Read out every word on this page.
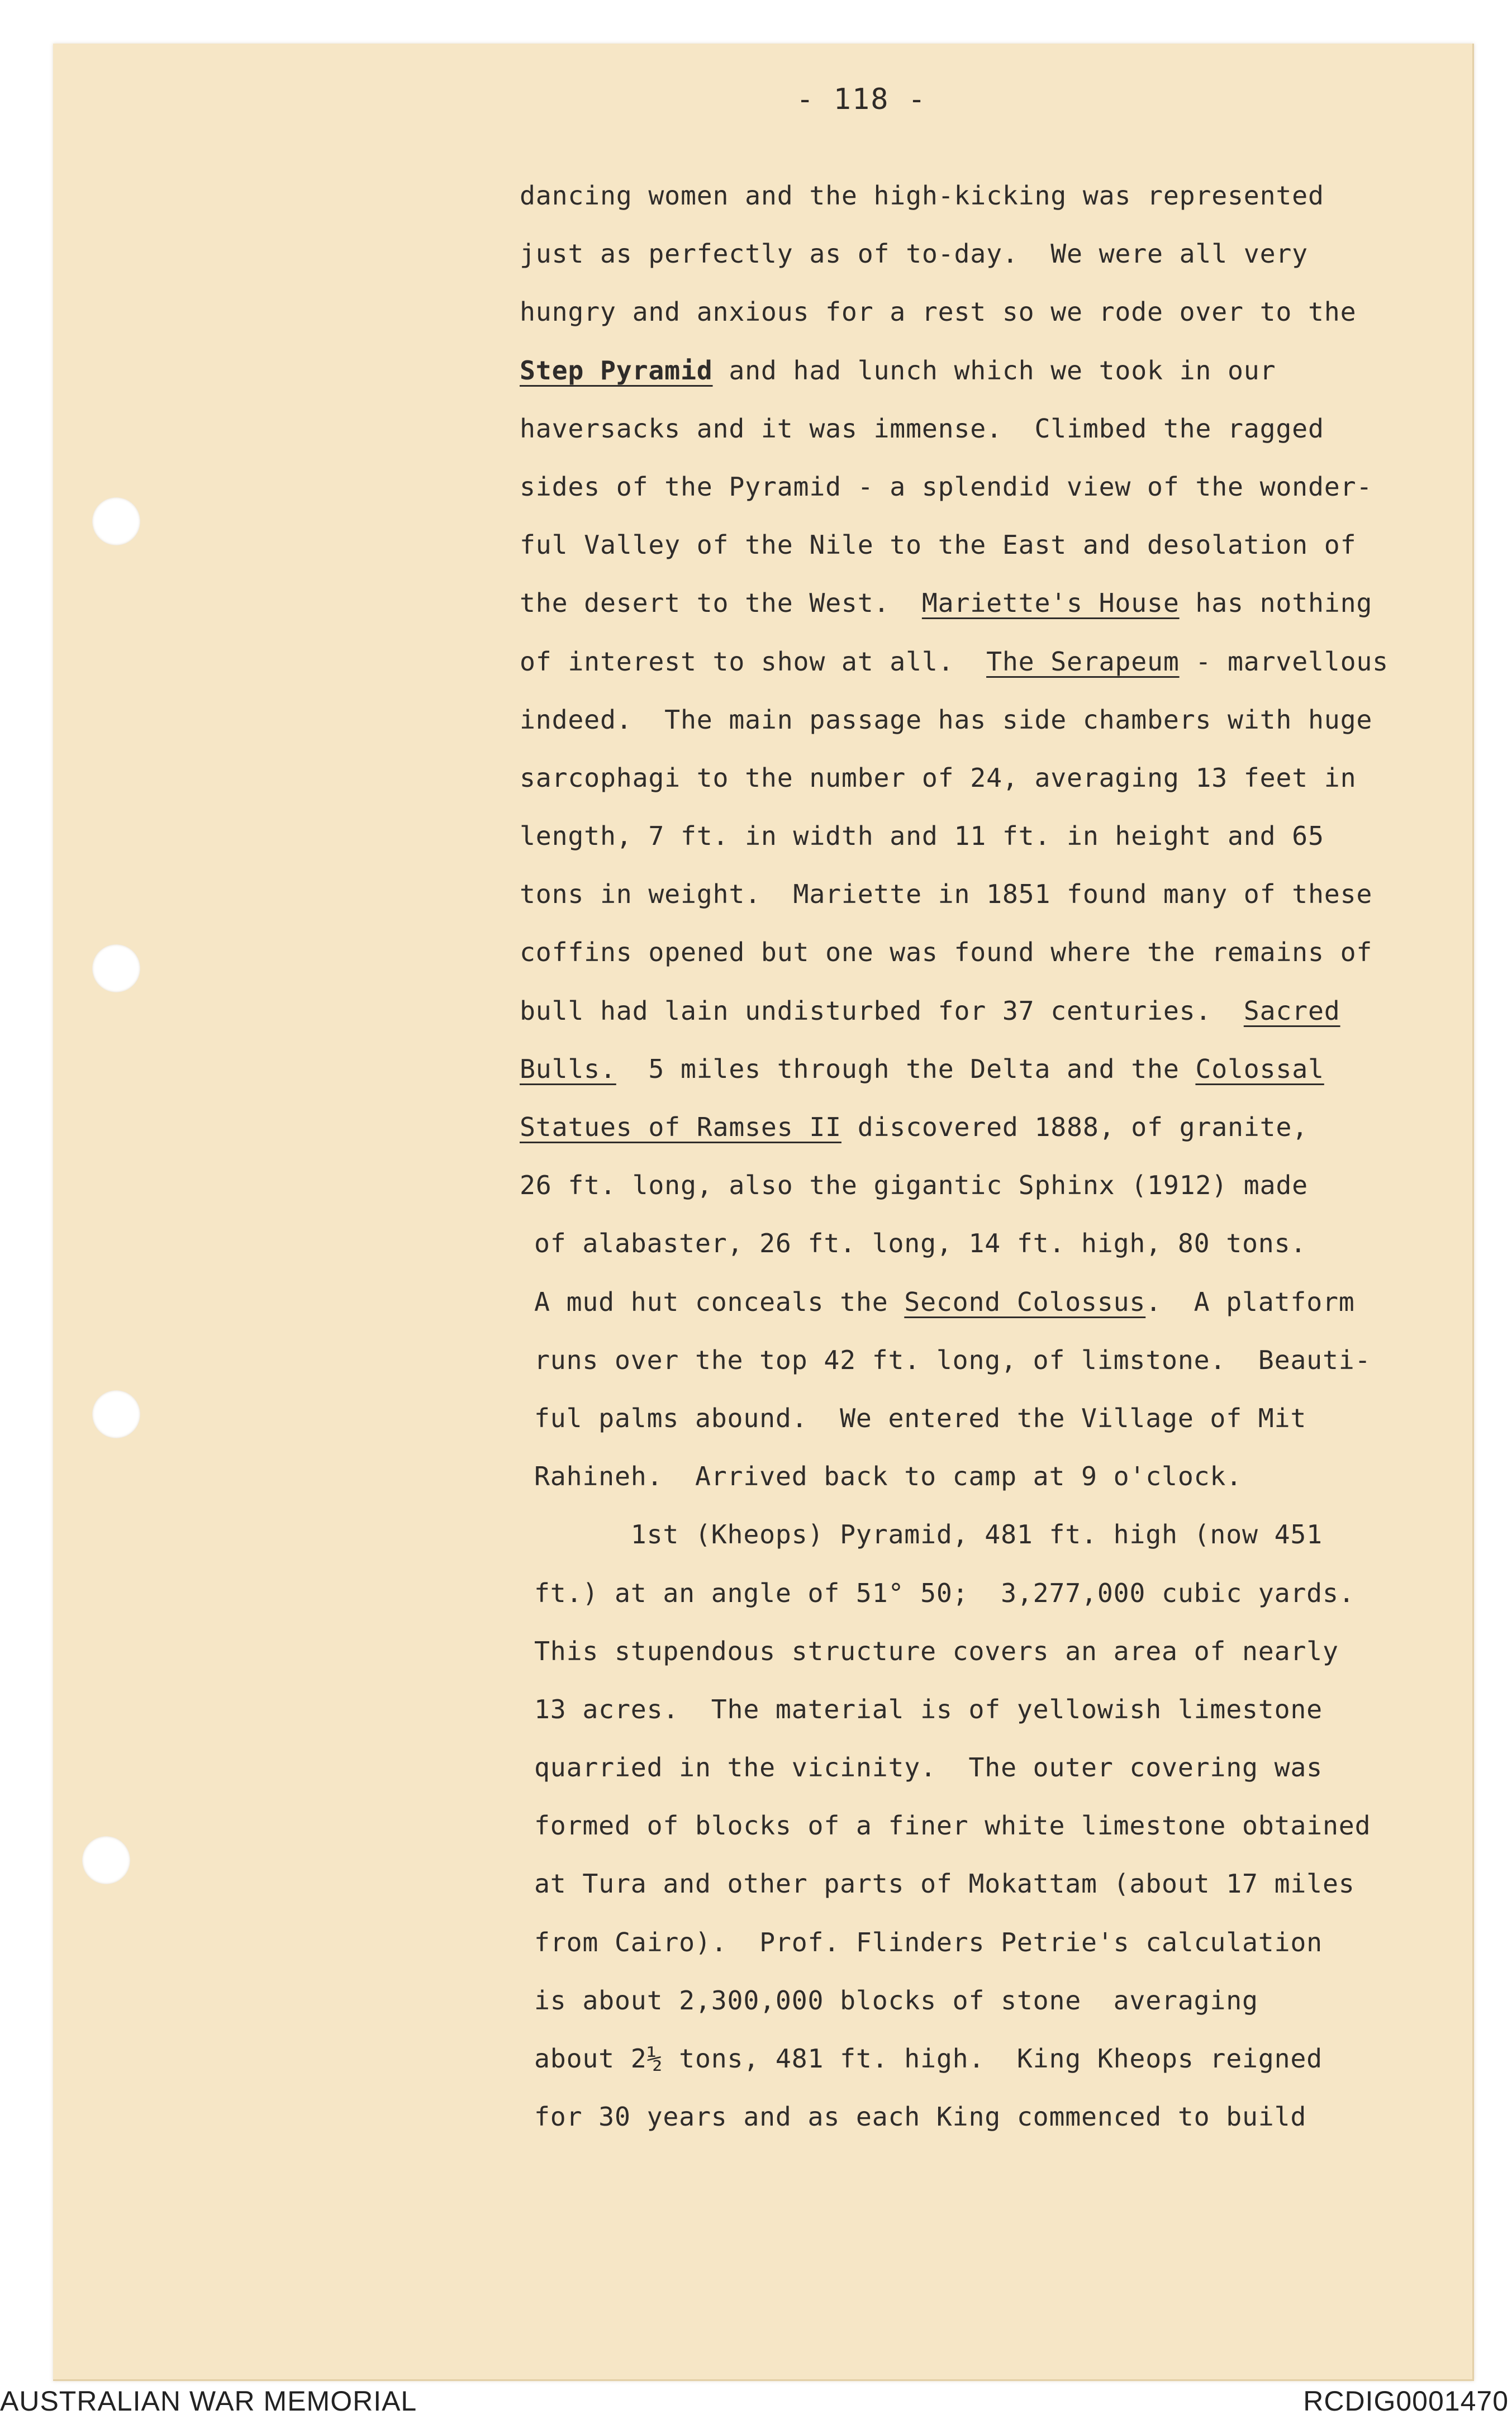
- 118 -
dancing women and the high-kicking was represented
just as perfectly as of to-day.  We were all very
hungry and anxious for a rest so we rode over to the
Step Pyramid and had lunch which we took in our
haversacks and it was immense.  Climbed the ragged
sides of the Pyramid - a splendid view of the wonder-
ful Valley of the Nile to the East and desolation of
the desert to the West.  Mariette's House has nothing
of interest to show at all.  The Serapeum - marvellous
indeed.  The main passage has side chambers with huge
sarcophagi to the number of 24, averaging 13 feet in
length, 7 ft. in width and 11 ft. in height and 65
tons in weight.  Mariette in 1851 found many of these
coffins opened but one was found where the remains of
bull had lain undisturbed for 37 centuries.  Sacred
Bulls.  5 miles through the Delta and the Colossal
Statues of Ramses II discovered 1888, of granite,
26 ft. long, also the gigantic Sphinx (1912) made
of alabaster, 26 ft. long, 14 ft. high, 80 tons.
A mud hut conceals the Second Colossus.  A platform
runs over the top 42 ft. long, of limstone.  Beauti-
ful palms abound.  We entered the Village of Mit
Rahineh.  Arrived back to camp at 9 o'clock.
1st (Kheops) Pyramid, 481 ft. high (now 451
ft.) at an angle of 51° 50;  3,277,000 cubic yards.
This stupendous structure covers an area of nearly
13 acres.  The material is of yellowish limestone
quarried in the vicinity.  The outer covering was
formed of blocks of a finer white limestone obtained
at Tura and other parts of Mokattam (about 17 miles
from Cairo).  Prof. Flinders Petrie's calculation
is about 2,300,000 blocks of stone  averaging
about 2½ tons, 481 ft. high.  King Kheops reigned
for 30 years and as each King commenced to build
AUSTRALIAN WAR MEMORIAL	RCDIG0001470
